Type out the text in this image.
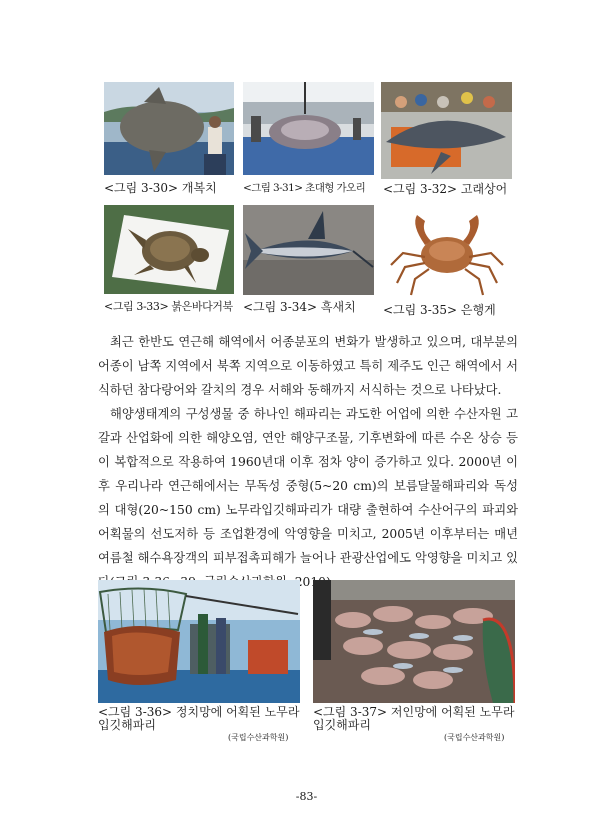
<그림 3-30> 개복치	<그림 3-31> 초대형 가오리 <그림 3-32> 고래상어
<그림 3-33> 붉은바다거북 <그림 3-34> 흑새치 <그림 3-35> 은행게

최근 한반도 연근해 해역에서 어종분포의 변화가 발생하고 있으며, 대부분의 어종이 남쪽 지역에서 북쪽 지역으로 이동하였고 특히 제주도 인근 해역에서 서식하던 참다랑어와 갈치의 경우 서해와 동해까지 서식하는 것으로 나타났다.

해양생태계의 구성생물 중 하나인 해파리는 과도한 어업에 의한 수산자원 고갈과 산업화에 의한 해양오염, 연안 해양구조물, 기후변화에 따른 수온 상승 등이 복합적으로 작용하여 1960년대 이후 점차 양이 증가하고 있다. 2000년 이후 우리나라 연근해에서는 무독성 중형(5~20 cm)의 보름달물해파리와 독성의 대형(20~150 cm) 노무라입깃해파리가 대량 출현하여 수산어구의 파괴와 어획물의 선도저하 등 조업환경에 악영향을 미치고, 2005년 이후부터는 매년 여름철 해수욕장객의 피부접촉피해가 늘어나 관광산업에도 악영향을 미치고 있

<그림 3-36> 정치망에 어획된 노무라입깃해파리
(국립수산과학원)
<그림 3-37> 저인망에 어획된 노무라입깃해파리
(국립수산과학원)
-83-
